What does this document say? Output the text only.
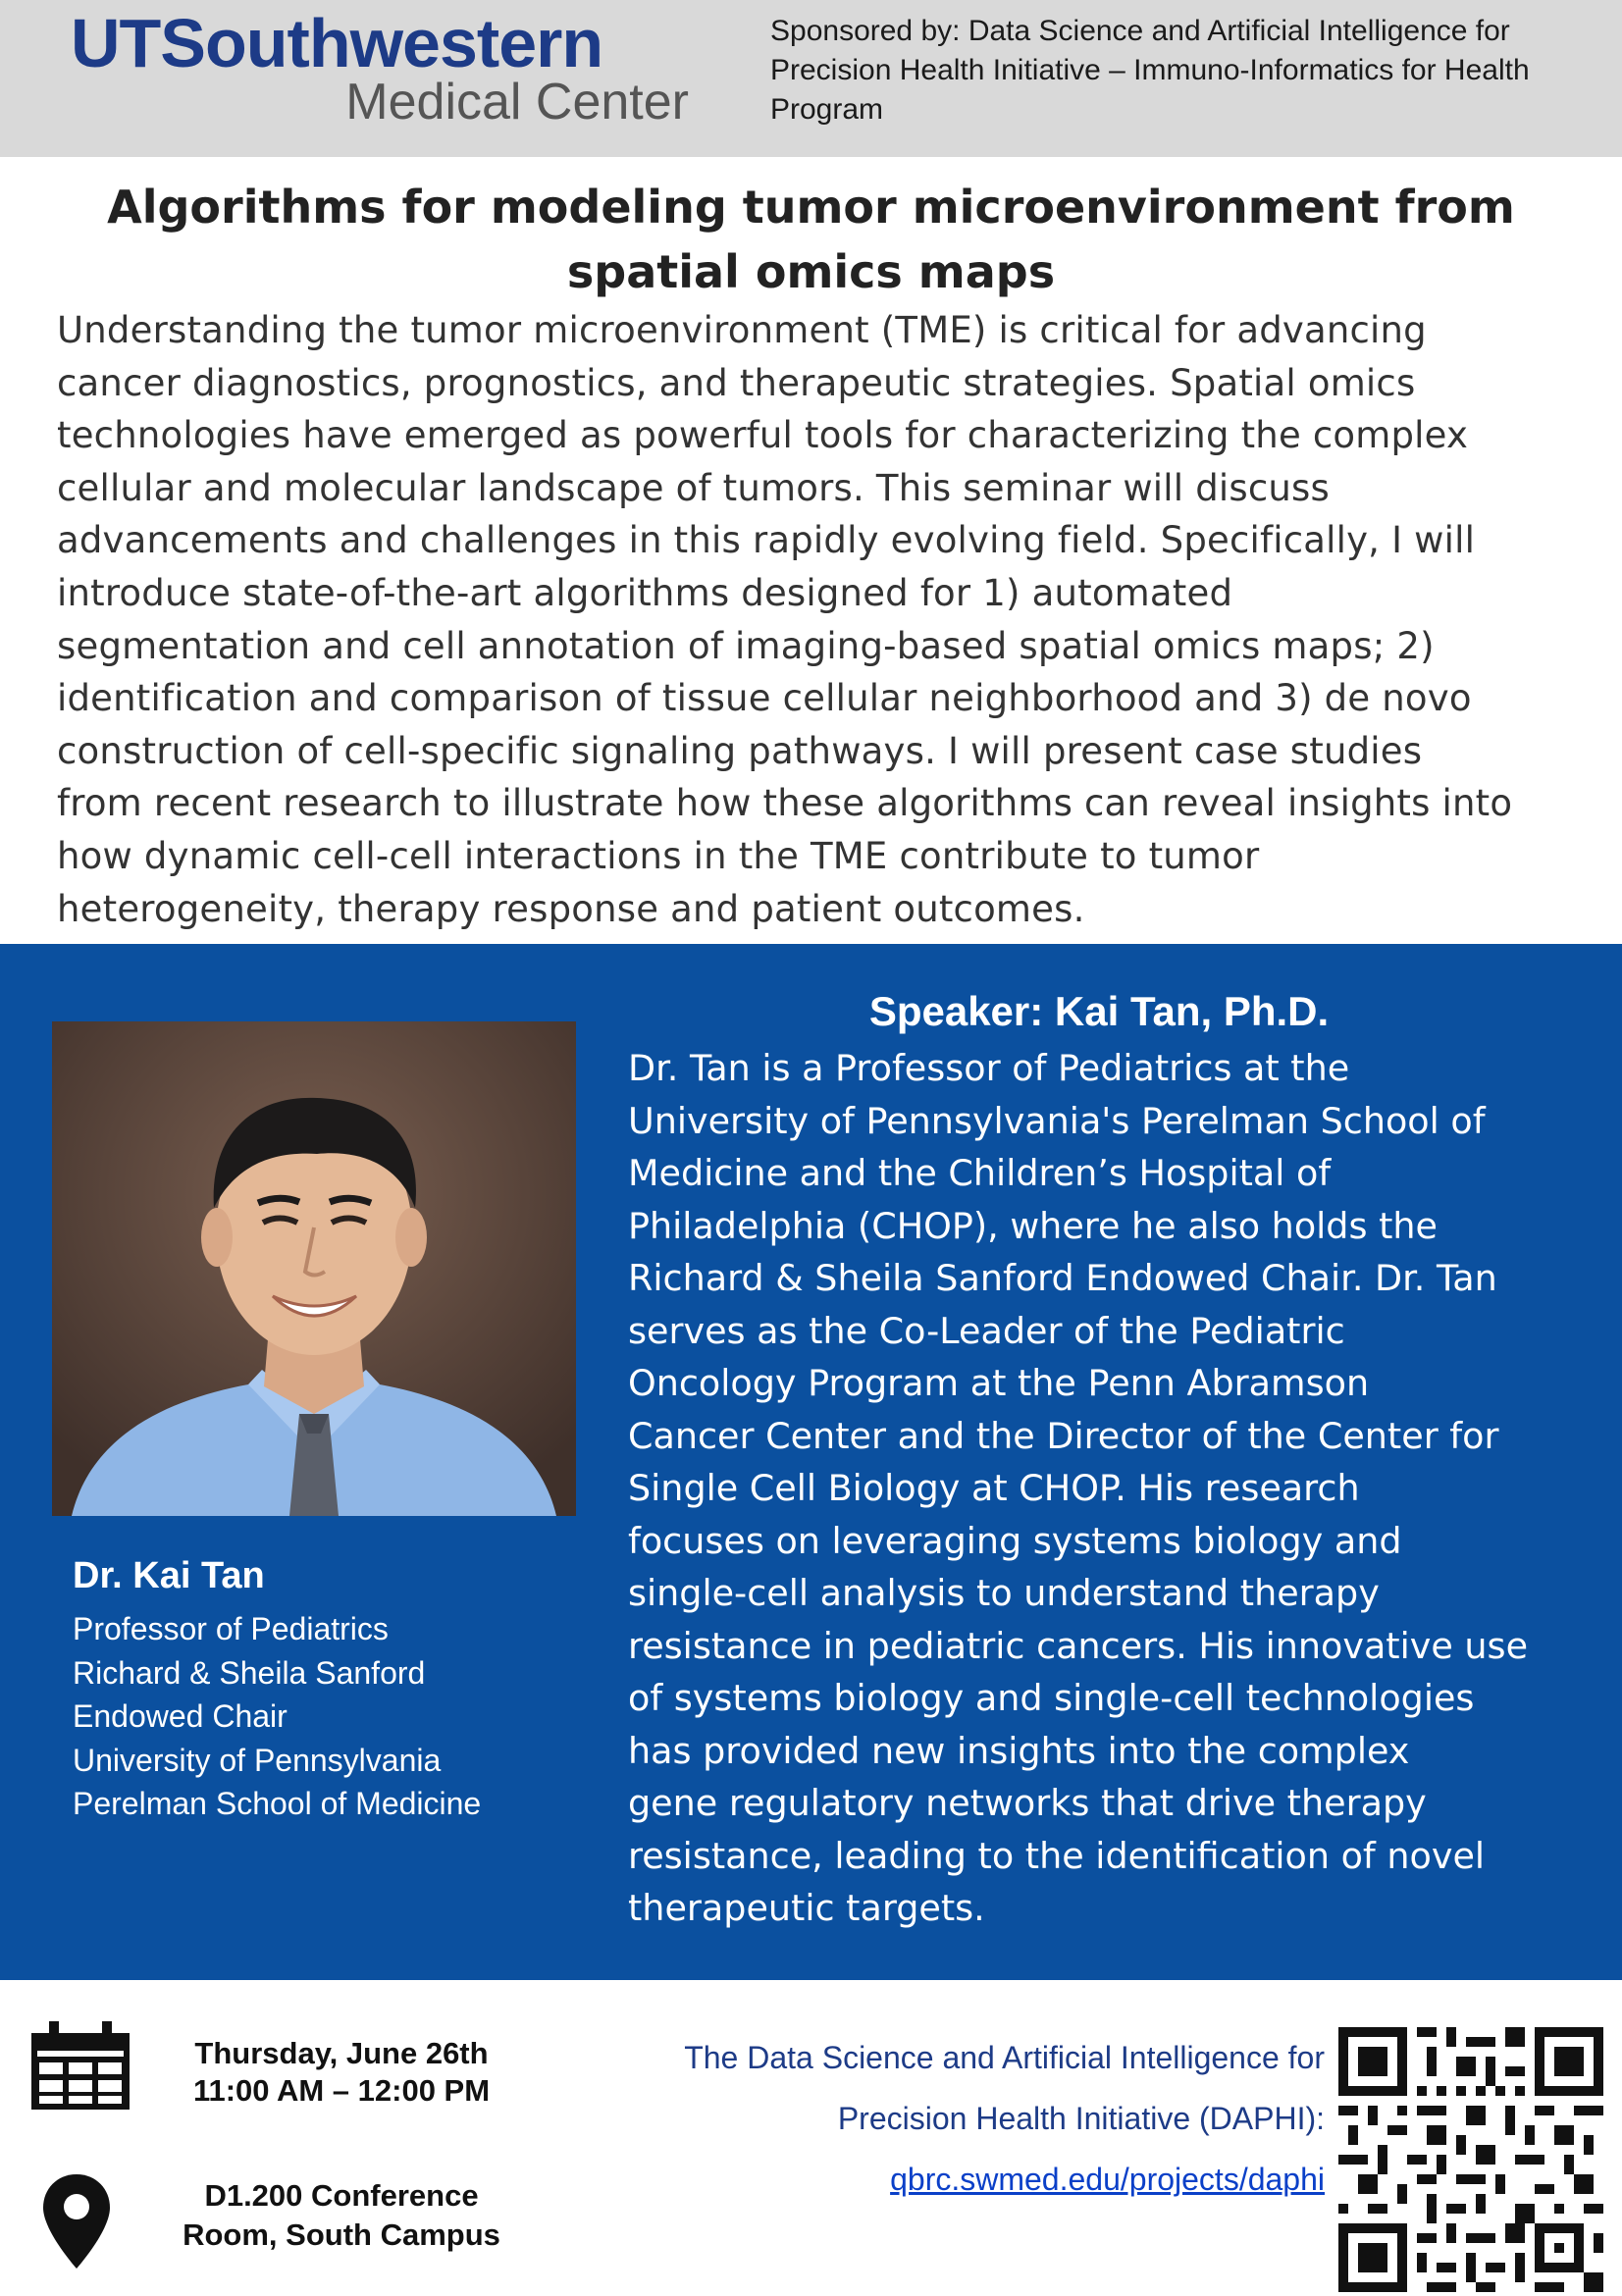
UTSouthwestern
Medical Center
Sponsored by: Data Science and Artificial Intelligence for Precision Health Initiative – Immuno-Informatics for Health Program
Algorithms for modeling tumor microenvironment from
spatial omics maps
Understanding the tumor microenvironment (TME) is critical for advancing
cancer diagnostics, prognostics, and therapeutic strategies. Spatial omics
technologies have emerged as powerful tools for characterizing the complex
cellular and molecular landscape of tumors. This seminar will discuss
advancements and challenges in this rapidly evolving field. Specifically, I will
introduce state-of-the-art algorithms designed for 1) automated
segmentation and cell annotation of imaging-based spatial omics maps; 2)
identification and comparison of tissue cellular neighborhood and 3) de novo
construction of cell-specific signaling pathways. I will present case studies
from recent research to illustrate how these algorithms can reveal insights into
how dynamic cell-cell interactions in the TME contribute to tumor
heterogeneity, therapy response and patient outcomes.
Dr. Kai Tan
Professor of Pediatrics
Richard & Sheila Sanford
Endowed Chair
University of Pennsylvania
Perelman School of Medicine
Speaker: Kai Tan, Ph.D.
Dr. Tan is a Professor of Pediatrics at the
University of Pennsylvania's Perelman School of
Medicine and the Children’s Hospital of
Philadelphia (CHOP), where he also holds the
Richard & Sheila Sanford Endowed Chair. Dr. Tan
serves as the Co-Leader of the Pediatric
Oncology Program at the Penn Abramson
Cancer Center and the Director of the Center for
Single Cell Biology at CHOP. His research
focuses on leveraging systems biology and
single-cell analysis to understand therapy
resistance in pediatric cancers. His innovative use
of systems biology and single-cell technologies
has provided new insights into the complex
gene regulatory networks that drive therapy
resistance, leading to the identification of novel
therapeutic targets.
Thursday, June 26th
11:00 AM – 12:00 PM
D1.200 Conference
Room, South Campus
The Data Science and Artificial Intelligence for
Precision Health Initiative (DAPHI):
qbrc.swmed.edu/projects/daphi
